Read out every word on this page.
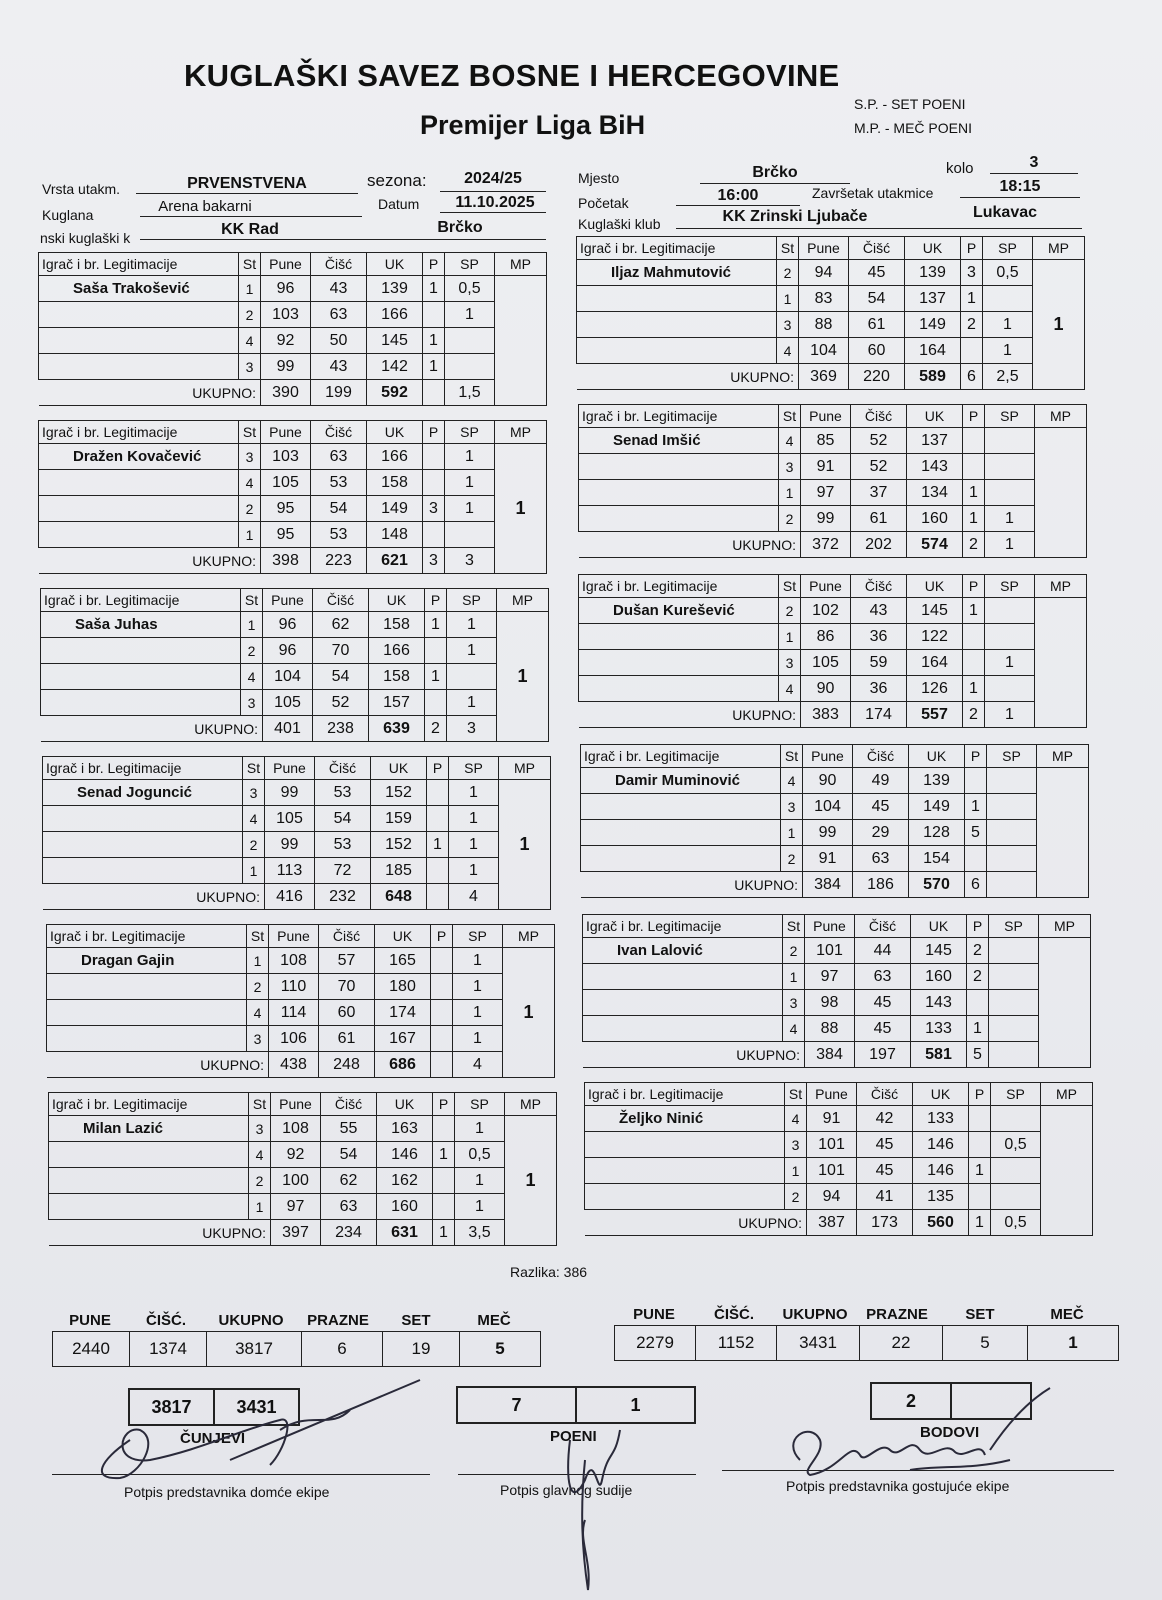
KUGLAŠKI SAVEZ BOSNE I HERCEGOVINE
Premijer Liga BiH
S.P. - SET POENI
M.P. - MEČ POENI
Vrsta utakm.	PRVENSTVENA	sezona:	2024/25	Mjesto	Brčko	kolo	3
Kuglana	Arena bakarni	Datum	11.10.2025	Početak	16:00	Završetak utakmice	18:15
nski kuglaški k	KK Rad	Brčko	Kuglaški klub	KK Zrinski Ljubače	Lukavac
Igrač i br. Legitimacije	St	Pune	Čišć	UK	P	SP	MP
Saša Trakošević	1	96	43	139	1	0,5	
	2	103	63	166		1	
	4	92	50	145	1		
	3	99	43	142	1		
UKUPNO:		390	199	592		1,5	
Igrač i br. Legitimacije	St	Pune	Čišć	UK	P	SP	MP
Dražen Kovačević	3	103	63	166		1	1
	4	105	53	158		1	
	2	95	54	149	3	1	
	1	95	53	148			
UKUPNO:		398	223	621	3	3	
Igrač i br. Legitimacije	St	Pune	Čišć	UK	P	SP	MP
Saša Juhas	1	96	62	158	1	1	1
	2	96	70	166		1	
	4	104	54	158	1		
	3	105	52	157		1	
UKUPNO:		401	238	639	2	3	
Igrač i br. Legitimacije	St	Pune	Čišć	UK	P	SP	MP
Senad Joguncić	3	99	53	152		1	1
	4	105	54	159		1	
	2	99	53	152	1	1	
	1	113	72	185		1	
UKUPNO:		416	232	648		4	
Igrač i br. Legitimacije	St	Pune	Čišć	UK	P	SP	MP
Dragan Gajin	1	108	57	165		1	1
	2	110	70	180		1	
	4	114	60	174		1	
	3	106	61	167		1	
UKUPNO:		438	248	686		4	
Igrač i br. Legitimacije	St	Pune	Čišć	UK	P	SP	MP
Milan Lazić	3	108	55	163		1	1
	4	92	54	146	1	0,5	
	2	100	62	162		1	
	1	97	63	160		1	
UKUPNO:		397	234	631	1	3,5	
Igrač i br. Legitimacije	St	Pune	Čišć	UK	P	SP	MP
Iljaz Mahmutović	2	94	45	139	3	0,5	1
	1	83	54	137	1		
	3	88	61	149	2	1	
	4	104	60	164		1	
UKUPNO:		369	220	589	6	2,5	
Igrač i br. Legitimacije	St	Pune	Čišć	UK	P	SP	MP
Senad Imšić	4	85	52	137			
	3	91	52	143			
	1	97	37	134	1		
	2	99	61	160	1	1	
UKUPNO:		372	202	574	2	1	
Igrač i br. Legitimacije	St	Pune	Čišć	UK	P	SP	MP
Dušan Kurešević	2	102	43	145	1		
	1	86	36	122			
	3	105	59	164		1	
	4	90	36	126	1		
UKUPNO:		383	174	557	2	1	
Igrač i br. Legitimacije	St	Pune	Čišć	UK	P	SP	MP
Damir Muminović	4	90	49	139			
	3	104	45	149	1		
	1	99	29	128	5		
	2	91	63	154			
UKUPNO:		384	186	570	6		
Igrač i br. Legitimacije	St	Pune	Čišć	UK	P	SP	MP
Ivan Lalović	2	101	44	145	2		
	1	97	63	160	2		
	3	98	45	143			
	4	88	45	133	1		
UKUPNO:		384	197	581	5		
Igrač i br. Legitimacije	St	Pune	Čišć	UK	P	SP	MP
Željko Ninić	4	91	42	133			
	3	101	45	146		0,5	
	1	101	45	146	1		
	2	94	41	135			
UKUPNO:		387	173	560	1	0,5	
Razlika: 386
PUNE	ČIŠĆ.	UKUPNO	PRAZNE	SET	MEČ
2440	1374	3817	6	19	5
PUNE	ČIŠĆ.	UKUPNO	PRAZNE	SET	MEČ
2279	1152	3431	22	5	1
3817	3431
ČUNJEVI
7	1
POENI
2	
BODOVI
Potpis predstavnika domće ekipe	Potpis glavnog sudije	Potpis predstavnika gostujuće ekipe
